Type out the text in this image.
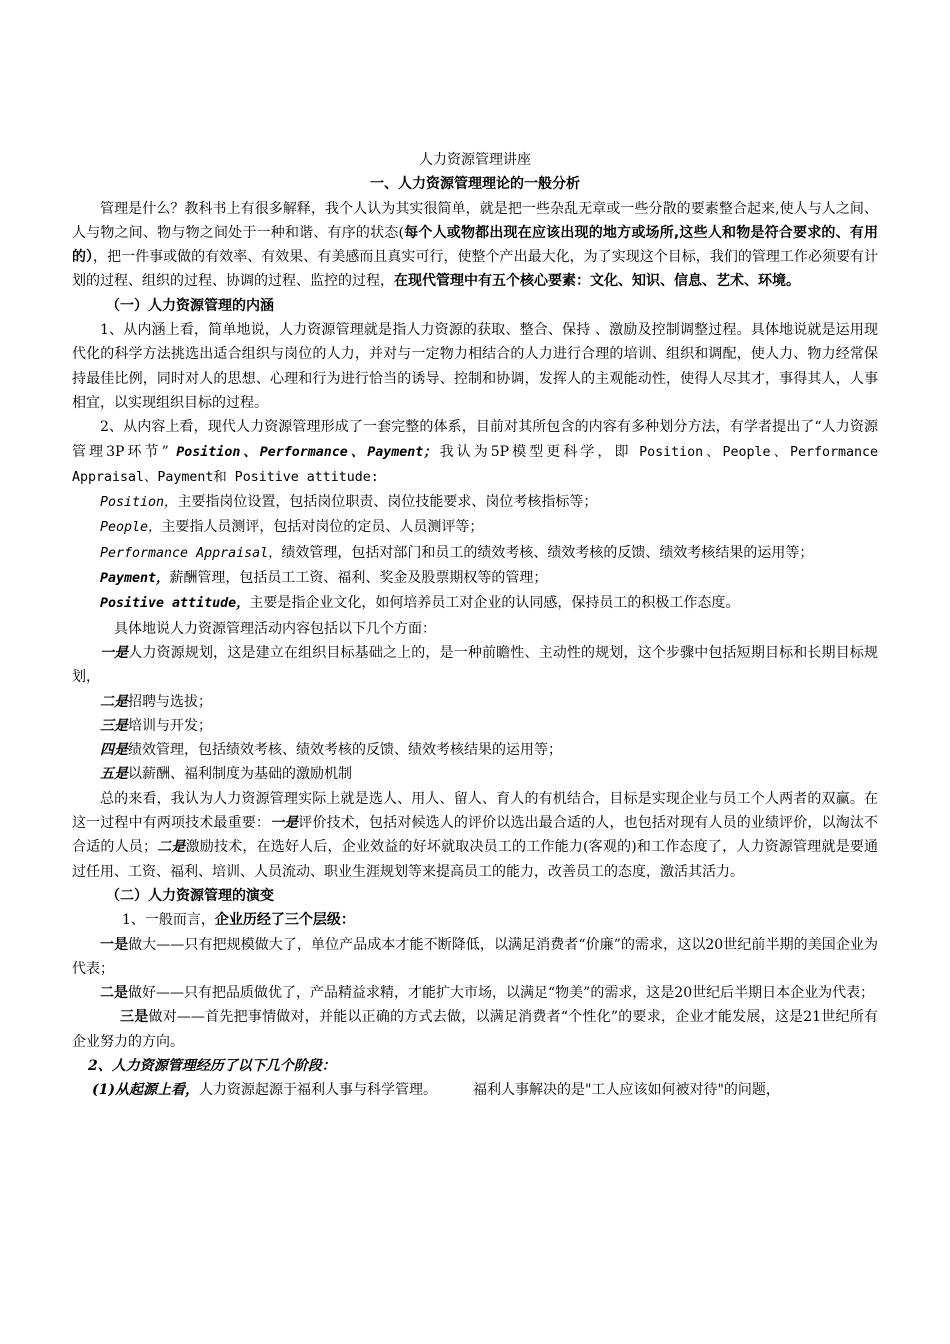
人力资源管理讲座
一、人力资源管理理论的一般分析

管理是什么？教科书上有很多解释，我个人认为其实很简单，就是把一些杂乱无章或一些分散的要素整合起来,使人与人之间、人与物之间、物与物之间处于一种和谐、有序的状态(每个人或物都出现在应该出现的地方或场所,这些人和物是符合要求的、有用的），把一件事或做的有效率、有效果、有美感而且真实可行，使整个产出最大化，为了实现这个目标，我们的管理工作必须要有计划的过程、组织的过程、协调的过程、监控的过程，在现代管理中有五个核心要素：文化、知识、信息、艺术、环境。

（一）人力资源管理的内涵

1、从内涵上看，简单地说，人力资源管理就是指人力资源的获取、整合、保持 、激励及控制调整过程。具体地说就是运用现代化的科学方法挑选出适合组织与岗位的人力，并对与一定物力相结合的人力进行合理的培训、组织和调配，使人力、物力经常保持最佳比例，同时对人的思想、心理和行为进行恰当的诱导、控制和协调，发挥人的主观能动性，使得人尽其才，事得其人，人事相宜，以实现组织目标的过程。

2、从内容上看，现代人力资源管理形成了一套完整的体系，目前对其所包含的内容有多种划分方法，有学者提出了“人力资源管理3P环节” Position、Performance、Payment；我认为5P模型更科学，即 Position、People、Performance Appraisal、Payment和 Positive attitude:

Position，主要指岗位设置，包括岗位职责、岗位技能要求、岗位考核指标等；

People，主要指人员测评，包括对岗位的定员、人员测评等；

Performance Appraisal，绩效管理，包括对部门和员工的绩效考核、绩效考核的反馈、绩效考核结果的运用等；

Payment，薪酬管理，包括员工工资、福利、奖金及股票期权等的管理；

Positive attitude，主要是指企业文化，如何培养员工对企业的认同感，保持员工的积极工作态度。

具体地说人力资源管理活动内容包括以下几个方面：

一是人力资源规划，这是建立在组织目标基础之上的，是一种前瞻性、主动性的规划，这个步骤中包括短期目标和长期目标规划，

二是招聘与选拔；

三是培训与开发；

四是绩效管理，包括绩效考核、绩效考核的反馈、绩效考核结果的运用等；

五是以薪酬、福利制度为基础的激励机制

总的来看，我认为人力资源管理实际上就是选人、用人、留人、育人的有机结合，目标是实现企业与员工个人两者的双赢。在这一过程中有两项技术最重要：一是评价技术，包括对候选人的评价以选出最合适的人，也包括对现有人员的业绩评价，以淘汰不合适的人员；二是激励技术，在选好人后，企业效益的好坏就取决员工的工作能力(客观的)和工作态度了，人力资源管理就是要通过任用、工资、福利、培训、人员流动、职业生涯规划等来提高员工的能力，改善员工的态度，激活其活力。

（二）人力资源管理的演变

1、一般而言，企业历经了三个层级：

一是做大——只有把规模做大了，单位产品成本才能不断降低，以满足消费者“价廉”的需求，这以20世纪前半期的美国企业为代表；

二是做好——只有把品质做优了，产品精益求精，才能扩大市场，以满足“物美”的需求，这是20世纪后半期日本企业为代表；

三是做对——首先把事情做对，并能以正确的方式去做，以满足消费者“个性化”的要求，企业才能发展，这是21世纪所有企业努力的方向。

2、人力资源管理经历了以下几个阶段：

(1)从起源上看，人力资源起源于福利人事与科学管理。	福利人事解决的是"工人应该如何被对待"的问题，
